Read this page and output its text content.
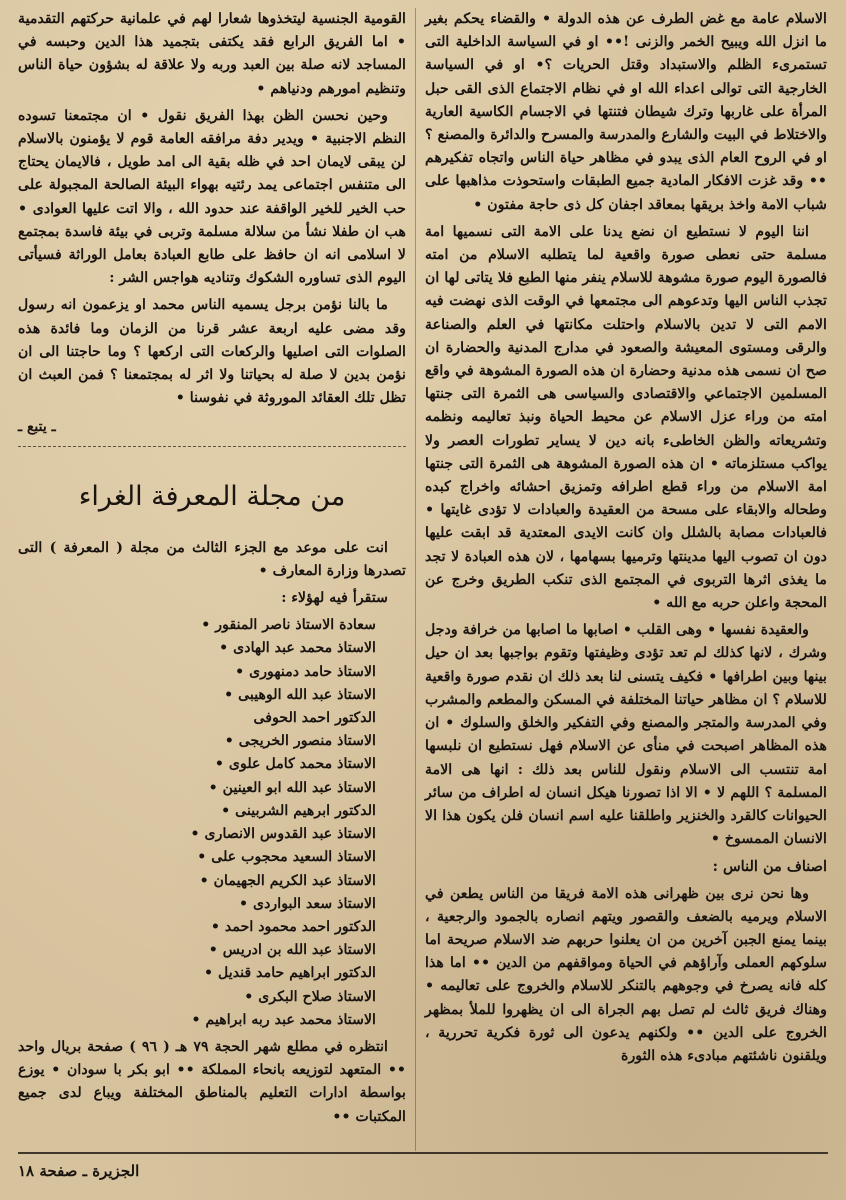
الاسلام عامة مع غض الطرف عن هذه الدولة • والقضاء يحكم بغير ما انزل الله ويبيح الخمر والزنى !•• او في السياسة الداخلية التى تستمرىء الظلم والاستبداد وقتل الحريات ؟• او في السياسة الخارجية التى توالى اعداء الله او في نظام الاجتماع الذى القى حبل المرأة على غاربها وترك شيطان فتنتها في الاجسام الكاسية العارية والاختلاط في البيت والشارع والمدرسة والمسرح والدائرة والمصنع ؟ او في الروح العام الذى يبدو في مظاهر حياة الناس واتجاه تفكيرهم •• وقد غزت الافكار المادية جميع الطبقات واستحوذت مذاهبها على شباب الامة واخذ بريقها بمعاقد اجفان كل ذى حاجة مفتون •

اننا اليوم لا نستطيع ان نضع يدنا على الامة التى نسميها امة مسلمة حتى نعطى صورة واقعية لما يتطلبه الاسلام من امته فالصورة اليوم صورة مشوهة للاسلام ينفر منها الطبع فلا يتاتى لها ان تجذب الناس اليها وتدعوهم الى مجتمعها في الوقت الذى نهضت فيه الامم التى لا تدين بالاسلام واحتلت مكانتها في العلم والصناعة والرقى ومستوى المعيشة والصعود في مدارج المدنية والحضارة ان صح ان نسمى هذه مدنية وحضارة ان هذه الصورة المشوهة في واقع المسلمين الاجتماعي والاقتصادى والسياسى هى الثمرة التى جنتها امته من وراء عزل الاسلام عن محيط الحياة ونبذ تعاليمه ونظمه وتشريعاته والظن الخاطىء بانه دين لا يساير تطورات العصر ولا يواكب مستلزماته • ان هذه الصورة المشوهة هى الثمرة التى جنتها امة الاسلام من وراء قطع اطرافه وتمزيق احشائه واخراج كبده وطحاله والابقاء على مسحة من العقيدة والعبادات لا تؤدى غايتها • فالعبادات مصابة بالشلل وان كانت الايدى المعتدية قد ابقت عليها دون ان تصوب اليها مدينتها وترميها بسهامها ، لان هذه العبادة لا تجد ما يغذى اثرها التربوى في المجتمع الذى تنكب الطريق وخرج عن المحجة واعلن حربه مع الله •

والعقيدة نفسها • وهى القلب • اصابها ما اصابها من خرافة ودجل وشرك ، لانها كذلك لم تعد تؤدى وظيفتها وتقوم بواجبها بعد ان حيل بينها وبين اطرافها • فكيف يتسنى لنا بعد ذلك ان نقدم صورة واقعية للاسلام ؟ ان مظاهر حياتنا المختلفة في المسكن والمطعم والمشرب وفي المدرسة والمتجر والمصنع وفي التفكير والخلق والسلوك • ان هذه المظاهر اصبحت في منأى عن الاسلام فهل نستطيع ان نلبسها امة تنتسب الى الاسلام ونقول للناس بعد ذلك : انها هى الامة المسلمة ؟ اللهم لا • الا اذا تصورنا هيكل انسان له اطراف من سائر الحيوانات كالقرد والخنزير واطلقنا عليه اسم انسان فلن يكون هذا الا الانسان الممسوخ •

اصناف من الناس :

وها نحن نرى بين ظهرانى هذه الامة فريقا من الناس يطعن في الاسلام ويرميه بالضعف والقصور ويتهم انصاره بالجمود والرجعية ، بينما يمنع الجبن آخرين من ان يعلنوا حربهم ضد الاسلام صريحة اما سلوكهم العملى وآراؤهم في الحياة ومواقفهم من الدين •• اما هذا كله فانه يصرخ في وجوههم بالتنكر للاسلام والخروج على تعاليمه • وهناك فريق ثالث لم تصل بهم الجراة الى ان يظهروا للملأ بمظهر الخروج على الدين •• ولكنهم يدعون الى ثورة فكرية تحررية ، ويلقنون ناشئتهم مبادىء هذه الثورة

القومية الجنسية ليتخذوها شعارا لهم في علمانية حركتهم التقدمية • اما الفريق الرابع فقد يكتفى بتجميد هذا الدين وحبسه في المساجد لانه صلة بين العبد وربه ولا علاقة له بشؤون حياة الناس وتنظيم امورهم ودنياهم •

وحين نحسن الظن بهذا الفريق نقول • ان مجتمعنا تسوده النظم الاجنبية • ويدير دفة مرافقه العامة قوم لا يؤمنون بالاسلام لن يبقى لايمان احد في ظله بقية الى امد طويل ، فالايمان يحتاج الى متنفس اجتماعى يمد رئتيه بهواء البيئة الصالحة المجبولة على حب الخير للخير الواقفة عند حدود الله ، والا اتت عليها العوادى • هب ان طفلا نشأ من سلالة مسلمة وتربى في بيئة فاسدة بمجتمع لا اسلامى انه ان حافظ على طابع العبادة بعامل الوراثة فسيأتى اليوم الذى تساوره الشكوك وتناديه هواجس الشر :

ما بالنا نؤمن برجل يسميه الناس محمد او يزعمون انه رسول وقد مضى عليه اربعة عشر قرنا من الزمان وما فائدة هذه الصلوات التى اصليها والركعات التى اركعها ؟ وما حاجتنا الى ان نؤمن بدين لا صلة له بحياتنا ولا اثر له بمجتمعنا ؟ فمن العبث ان تظل تلك العقائد الموروثة في نفوسنا •

ـ يتبع ـ
من مجلة المعرفة الغراء

انت على موعد مع الجزء الثالث من مجلة ( المعرفة ) التى تصدرها وزارة المعارف •

ستقرأ فيه لهؤلاء :

سعادة الاستاذ ناصر المنقور •
الاستاذ محمد عبد الهادى •
الاستاذ حامد دمنهورى •
الاستاذ عبد الله الوهيبى •
الدكتور احمد الحوفى
الاستاذ منصور الخريجى •
الاستاذ محمد كامل علوى •
الاستاذ عبد الله ابو العينين •
الدكتور ابرهيم الشربينى •
الاستاذ عبد القدوس الانصارى •
الاستاذ السعيد محجوب على •
الاستاذ عبد الكريم الجهيمان •
الاستاذ سعد البواردى •
الدكتور احمد محمود احمد •
الاستاذ عبد الله بن ادريس •
الدكتور ابراهيم حامد قنديل •
الاستاذ صلاح البكرى •
الاستاذ محمد عبد ربه ابراهيم •

انتظره في مطلع شهر الحجة ٧٩ هـ ( ٩٦ ) صفحة بريال واحد •• المتعهد لتوزيعه بانحاء المملكة •• ابو بكر با سودان • يوزع بواسطة ادارات التعليم بالمناطق المختلفة ويباع لدى جميع المكتبات ••

الجزيرة ـ صفحة ١٨
